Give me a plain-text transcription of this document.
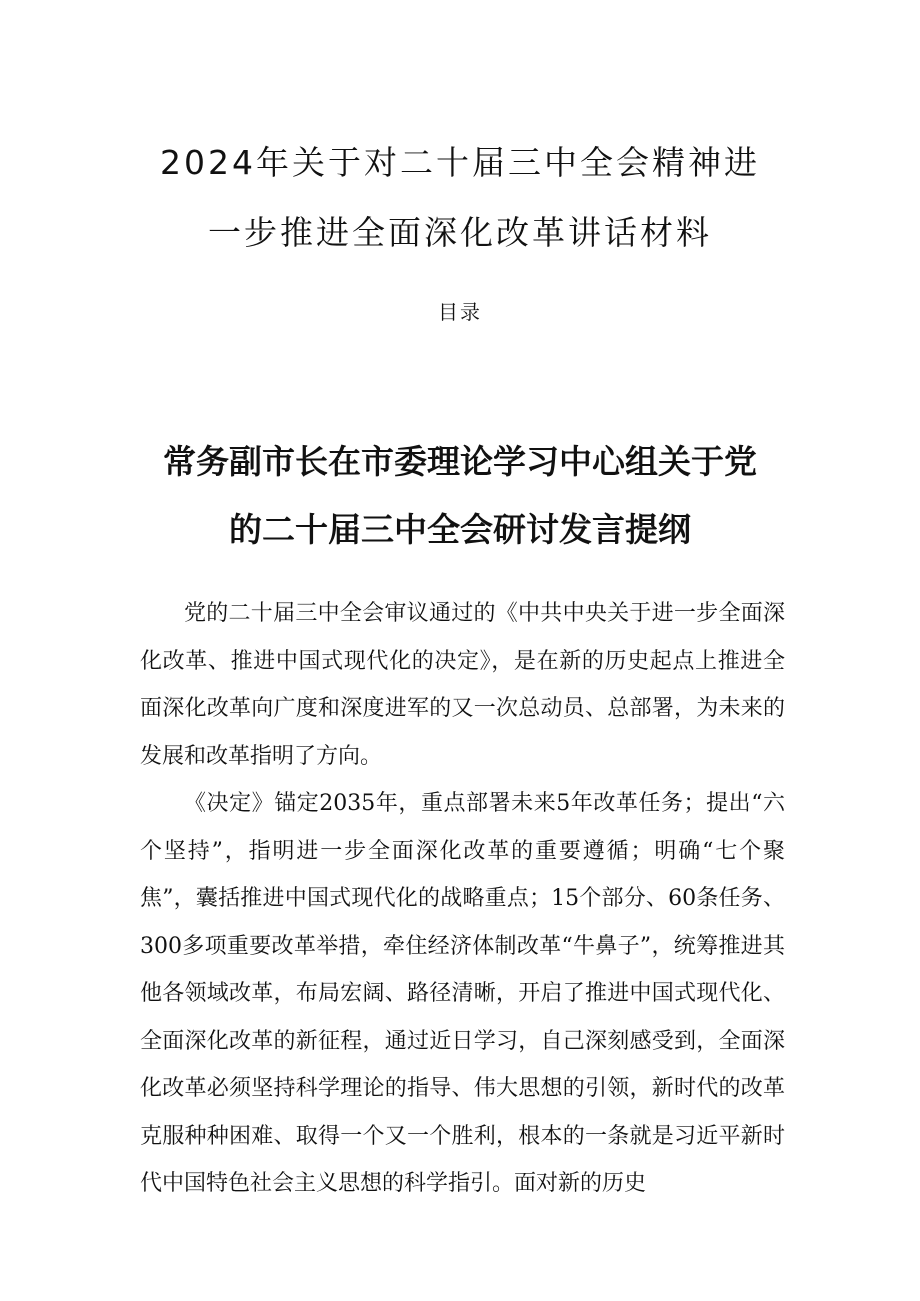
2024年关于对二十届三中全会精神进
一步推进全面深化改革讲话材料
目录
常务副市长在市委理论学习中心组关于党
的二十届三中全会研讨发言提纲

党的二十届三中全会审议通过的《中共中央关于进一步全面深化改革、推进中国式现代化的决定》，是在新的历史起点上推进全面深化改革向广度和深度进军的又一次总动员、总部署，为未来的发展和改革指明了方向。

《决定》锚定2035年，重点部署未来5年改革任务；提出“六个坚持”，指明进一步全面深化改革的重要遵循；明确“七个聚焦”，囊括推进中国式现代化的战略重点；15个部分、60条任务、300多项重要改革举措，牵住经济体制改革“牛鼻子”，统筹推进其他各领域改革，布局宏阔、路径清晰，开启了推进中国式现代化、全面深化改革的新征程，通过近日学习，自己深刻感受到，全面深化改革必须坚持科学理论的指导、伟大思想的引领，新时代的改革克服种种困难、取得一个又一个胜利，根本的一条就是习近平新时代中国特色社会主义思想的科学指引。面对新的历史
